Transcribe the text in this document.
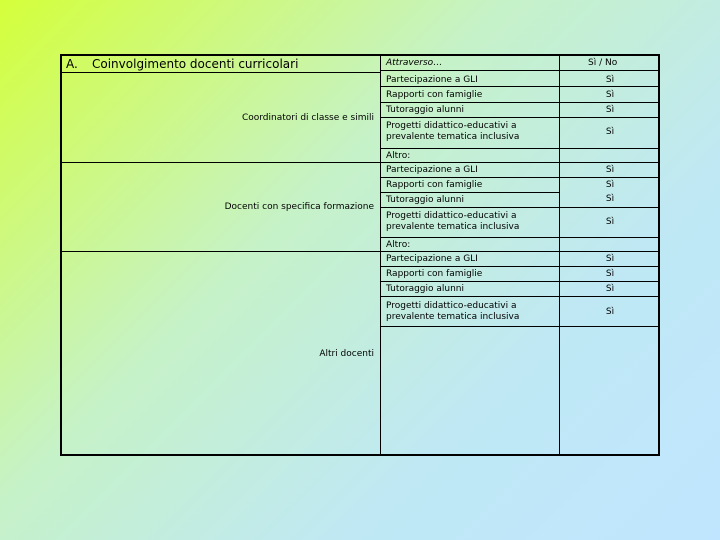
A. Coinvolgimento docenti curricolari	Attraverso…	Sì / No
Coordinatori di classe e simili
Partecipazione a GLI	Sì
Rapporti con famiglie	Sì
Tutoraggio alunni	Sì
Progetti didattico-educativi a
prevalente tematica inclusiva	Sì
Altro:
Docenti con specifica formazione
Partecipazione a GLI	Sì
Rapporti con famiglie	Sì
Tutoraggio alunni	Sì
Progetti didattico-educativi a
prevalente tematica inclusiva	Sì
Altro:
Altri docenti
Partecipazione a GLI	Sì
Rapporti con famiglie	Sì
Tutoraggio alunni	Sì
Progetti didattico-educativi a
prevalente tematica inclusiva	Sì
